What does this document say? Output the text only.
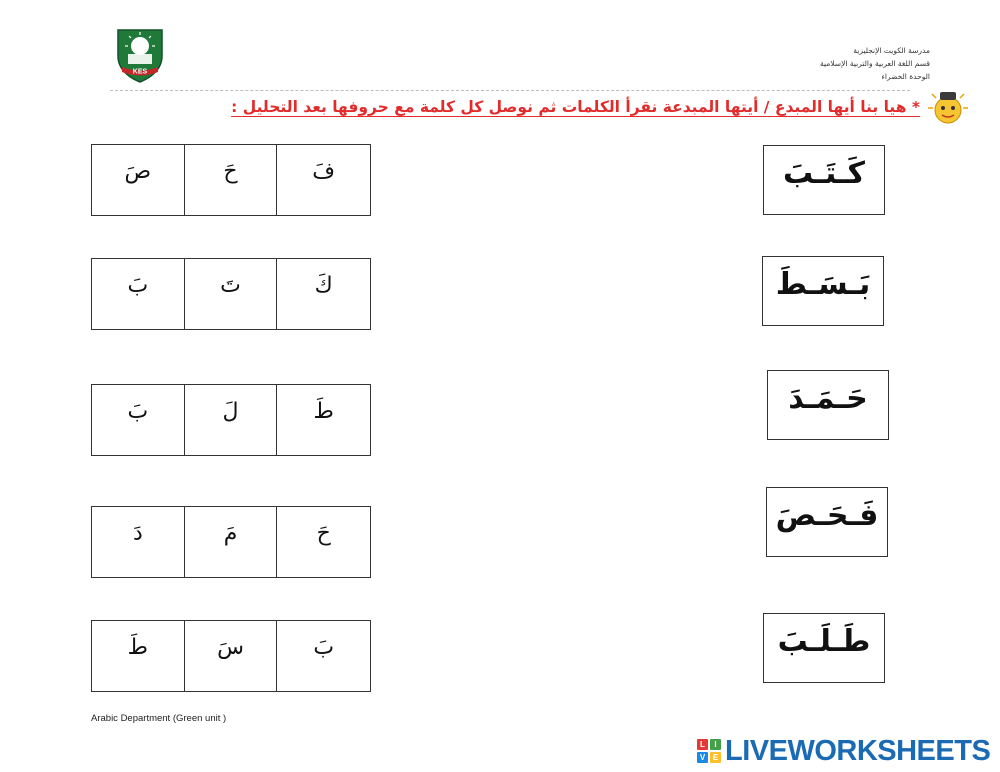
KES
مدرسة الكويت الإنجليزية
قسم اللغة العربية والتربية الإسلامية
الوحدة الخضراء
* هيا بنا أيها المبدع / أيتها المبدعة نقرأ الكلمات ثم نوصل كل كلمة مع حروفها بعد التحليل :
صَ	حَ	فَ
بَ	تَ	كَ
بَ	لَ	طَ
دَ	مَ	حَ
طَ	سَ	بَ
كَـتَـبَ
بَـسَـطَ
حَـمَـدَ
فَـحَـصَ
طَـلَـبَ
Arabic Department (Green unit )
L	I
V E LIVEWORKSHEETS
